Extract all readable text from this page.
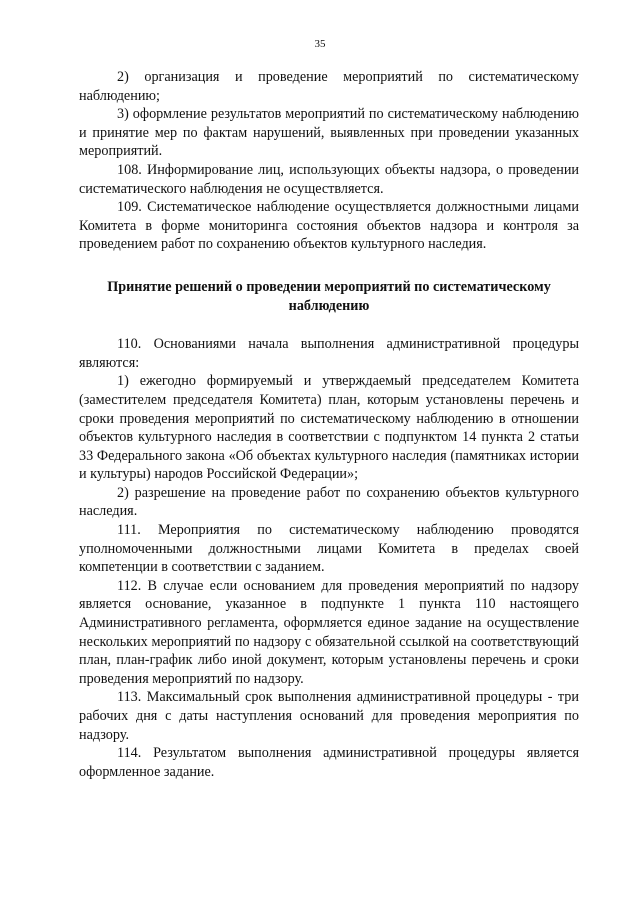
35

2) организация и проведение мероприятий по систематическому наблюдению;

3) оформление результатов мероприятий по систематическому наблюдению и принятие мер по фактам нарушений, выявленных при проведении указанных мероприятий.

108. Информирование лиц, использующих объекты надзора, о проведении систематического наблюдения не осуществляется.

109. Систематическое наблюдение осуществляется должностными лицами Комитета в форме мониторинга состояния объектов надзора и контроля за проведением работ по сохранению объектов культурного наследия.

Принятие решений о проведении мероприятий по систематическому наблюдению

110. Основаниями начала выполнения административной процедуры являются:

1) ежегодно формируемый и утверждаемый председателем Комитета (заместителем председателя Комитета) план, которым установлены перечень и сроки проведения мероприятий по систематическому наблюдению в отношении объектов культурного наследия в соответствии с подпунктом 14 пункта 2 статьи 33 Федерального закона «Об объектах культурного наследия (памятниках истории и культуры) народов Российской Федерации»;

2) разрешение на проведение работ по сохранению объектов культурного наследия.

111. Мероприятия по систематическому наблюдению проводятся уполномоченными должностными лицами Комитета в пределах своей компетенции в соответствии с заданием.

112. В случае если основанием для проведения мероприятий по надзору является основание, указанное в подпункте 1 пункта 110 настоящего Административного регламента, оформляется единое задание на осуществление нескольких мероприятий по надзору с обязательной ссылкой на соответствующий план, план-график либо иной документ, которым установлены перечень и сроки проведения мероприятий по надзору.

113. Максимальный срок выполнения административной процедуры - три рабочих дня с даты наступления оснований для проведения мероприятия по надзору.

114. Результатом выполнения административной процедуры является оформленное задание.
